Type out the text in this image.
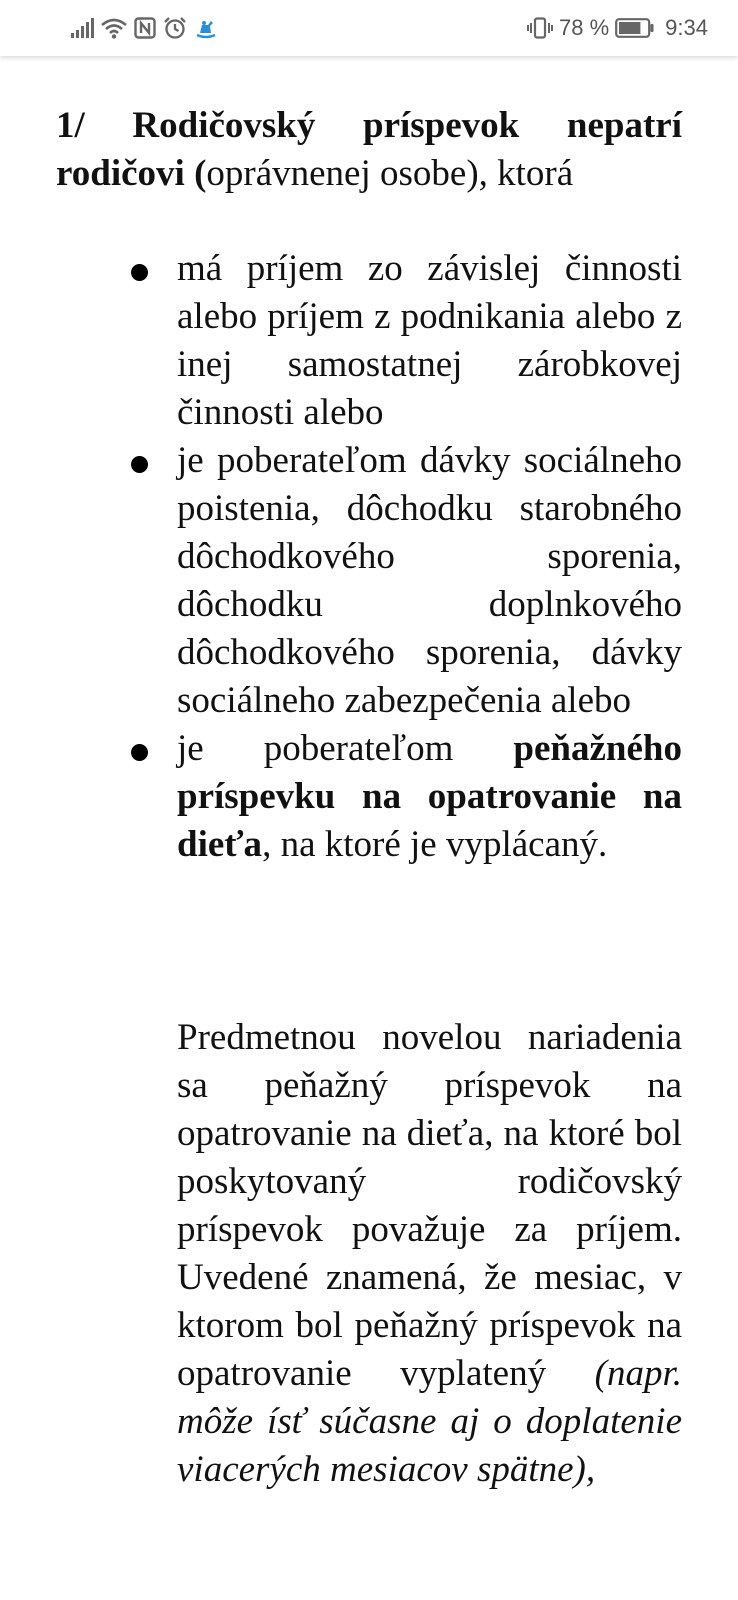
78 %	9:34

1/ Rodičovský príspevok nepatrí rodičovi (oprávnenej osobe), ktorá

má príjem zo závislej činnosti alebo príjem z podnikania alebo z inej samostatnej zárobkovej činnosti alebo
je poberateľom dávky sociálneho poistenia, dôchodku starobného dôchodkového sporenia, dôchodku doplnkového dôchodkového sporenia, dávky sociálneho zabezpečenia alebo
je poberateľom peňažného príspevku na opatrovanie na dieťa, na ktoré je vyplácaný.

Predmetnou novelou nariadenia sa peňažný príspevok na opatrovanie na dieťa, na ktoré bol poskytovaný rodičovský príspevok považuje za príjem. Uvedené znamená, že mesiac, v ktorom bol peňažný príspevok na opatrovanie vyplatený (napr. môže ísť súčasne aj o doplatenie viacerých mesiacov spätne),
